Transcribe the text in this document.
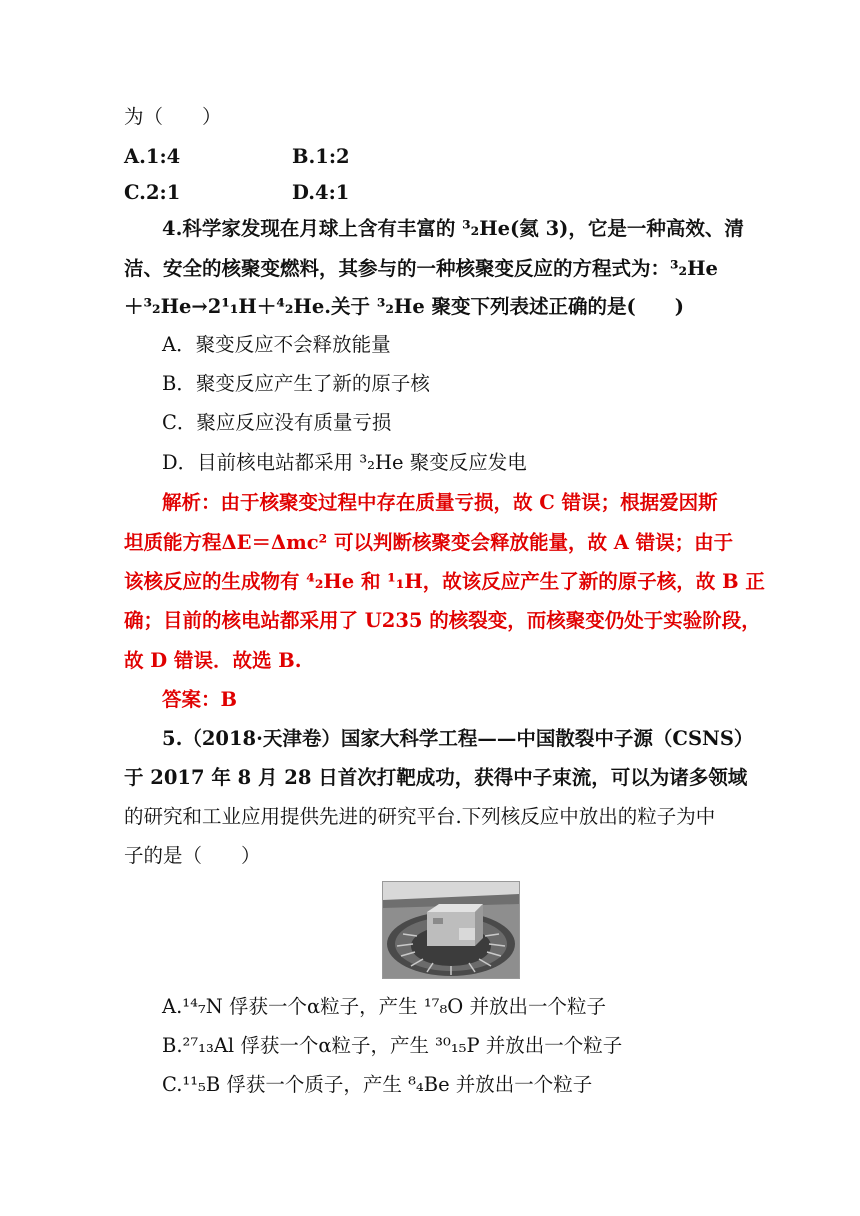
为（　　）
A.1:4	B.1:2
C.2:1	D.4:1
4.科学家发现在月球上含有丰富的 ³₂He(氦 3)，它是一种高效、清
洁、安全的核聚变燃料，其参与的一种核聚变反应的方程式为：³₂He
＋³₂He→2¹₁H＋⁴₂He.关于 ³₂He 聚变下列表述正确的是(　　)
A．聚变反应不会释放能量
B．聚变反应产生了新的原子核
C．聚应反应没有质量亏损
D．目前核电站都采用 ³₂He 聚变反应发电
解析：由于核聚变过程中存在质量亏损，故 C 错误；根据爱因斯
坦质能方程ΔE＝Δmc² 可以判断核聚变会释放能量，故 A 错误；由于
该核反应的生成物有 ⁴₂He 和 ¹₁H，故该反应产生了新的原子核，故 B 正
确；目前的核电站都采用了 U235 的核裂变，而核聚变仍处于实验阶段，
故 D 错误．故选 B.
答案：B
5.（2018·天津卷）国家大科学工程——中国散裂中子源（CSNS）
于 2017 年 8 月 28 日首次打靶成功，获得中子束流，可以为诸多领域
的研究和工业应用提供先进的研究平台.下列核反应中放出的粒子为中
子的是（　　）
A.¹⁴₇N 俘获一个α粒子，产生 ¹⁷₈O 并放出一个粒子
B.²⁷₁₃Al 俘获一个α粒子，产生 ³⁰₁₅P 并放出一个粒子
C.¹¹₅B 俘获一个质子，产生 ⁸₄Be 并放出一个粒子
